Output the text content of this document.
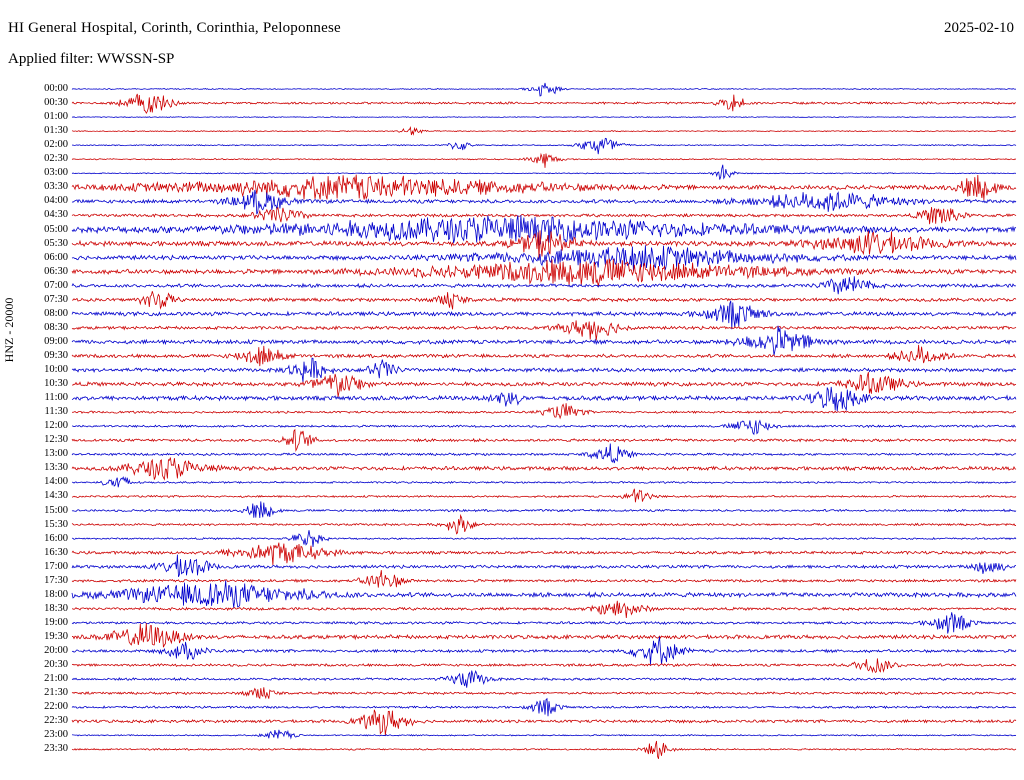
HI General Hospital, Corinth, Corinthia, Peloponnese	2025-02-10
Applied filter: WWSSN-SP
HNZ - 20000
00:00
00:30
01:00
01:30
02:00
02:30
03:00
03:30
04:00
04:30
05:00
05:30
06:00
06:30
07:00
07:30
08:00
08:30
09:00
09:30
10:00
10:30
11:00
11:30
12:00
12:30
13:00
13:30
14:00
14:30
15:00
15:30
16:00
16:30
17:00
17:30
18:00
18:30
19:00
19:30
20:00
20:30
21:00
21:30
22:00
22:30
23:00
23:30
